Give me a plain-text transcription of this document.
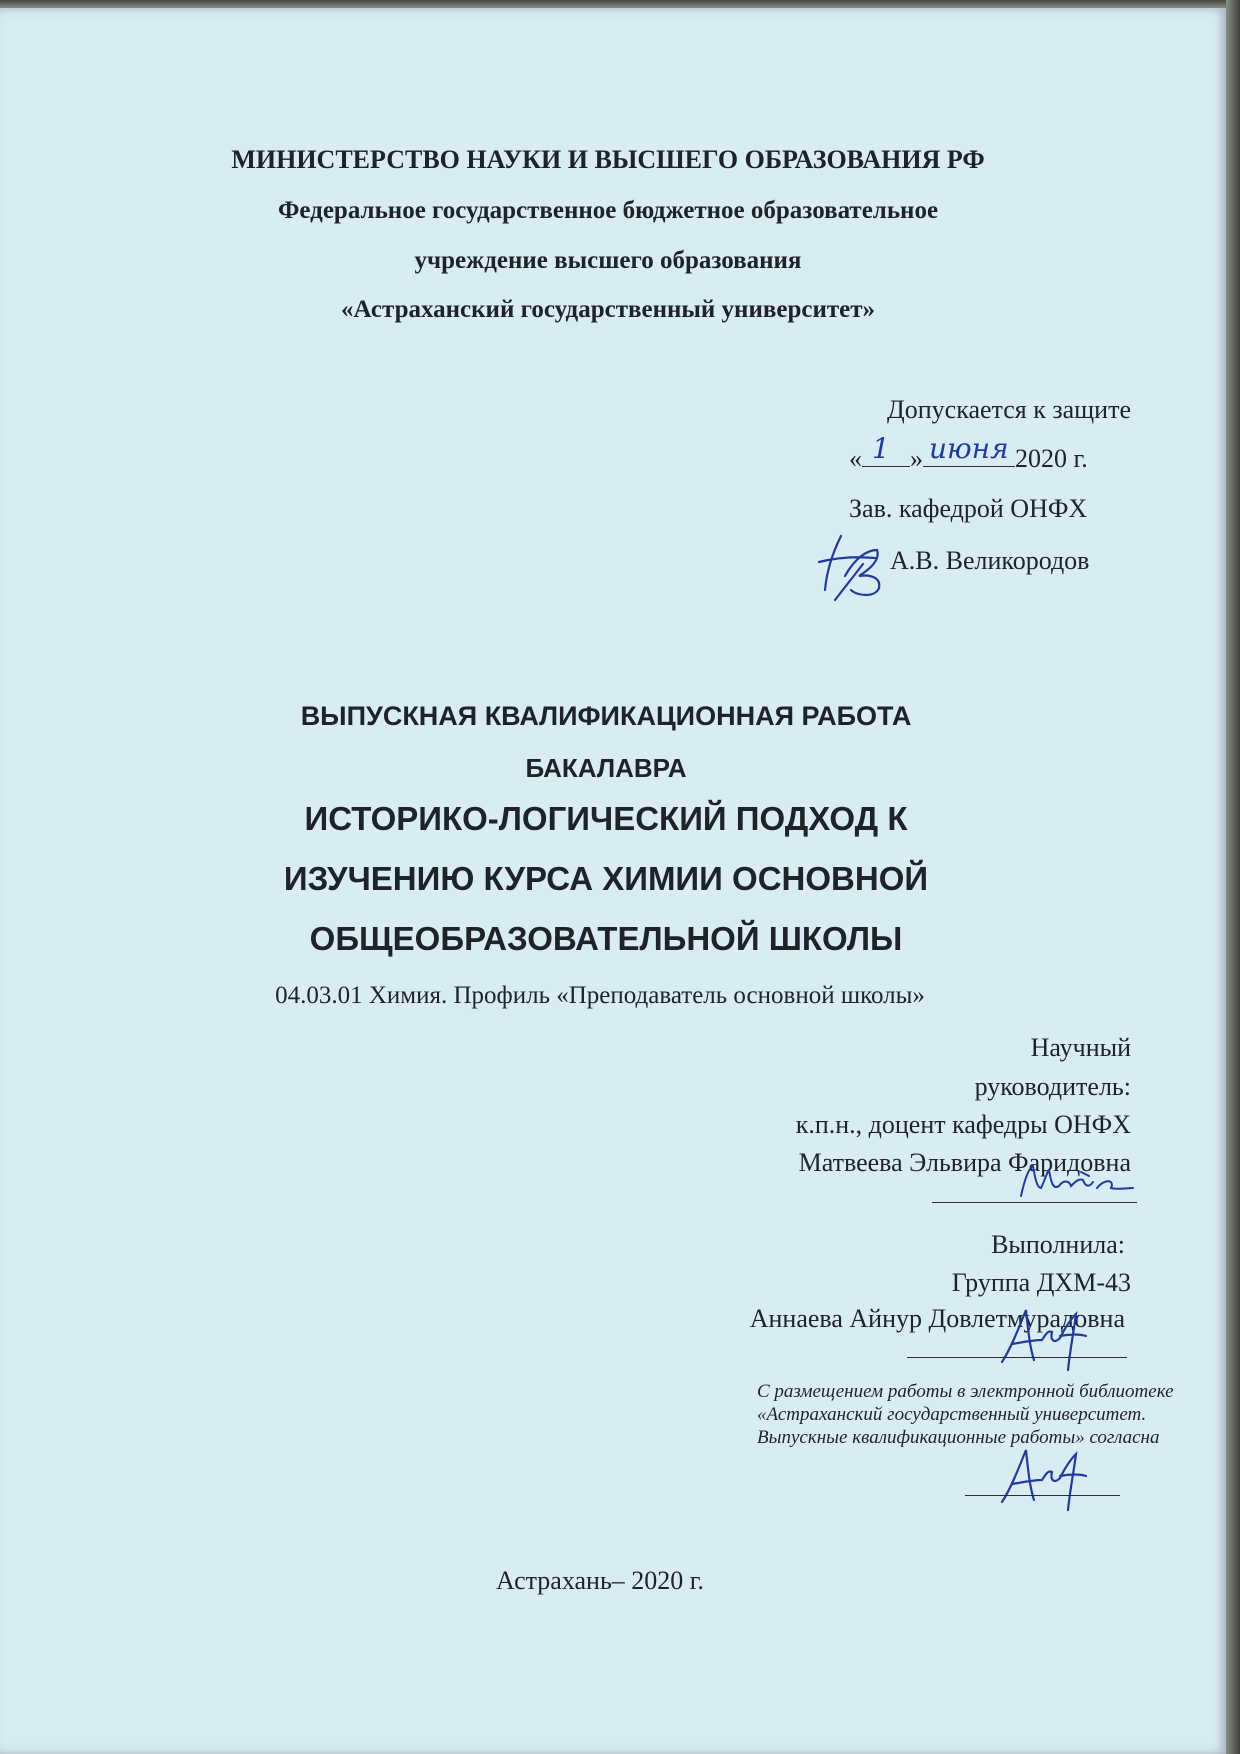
МИНИСТЕРСТВО НАУКИ И ВЫСШЕГО ОБРАЗОВАНИЯ РФ
Федеральное государственное бюджетное образовательное
учреждение высшего образования
«Астраханский государственный университет»
Допускается к защите
« 1 » июня 2020 г.
Зав. кафедрой ОНФХ
А.В. Великородов
ВЫПУСКНАЯ КВАЛИФИКАЦИОННАЯ РАБОТА
БАКАЛАВРА
ИСТОРИКО-ЛОГИЧЕСКИЙ ПОДХОД К
ИЗУЧЕНИЮ КУРСА ХИМИИ ОСНОВНОЙ
ОБЩЕОБРАЗОВАТЕЛЬНОЙ ШКОЛЫ
04.03.01 Химия. Профиль «Преподаватель основной школы»
Научный
руководитель:
к.п.н., доцент кафедры ОНФХ
Матвеева Эльвира Фаридовна
Выполнила:
Группа ДХМ-43
Аннаева Айнур Довлетмурадовна
С размещением работы в электронной библиотеке «Астраханский государственный университет. Выпускные квалификационные работы» согласна
Астрахань– 2020 г.
